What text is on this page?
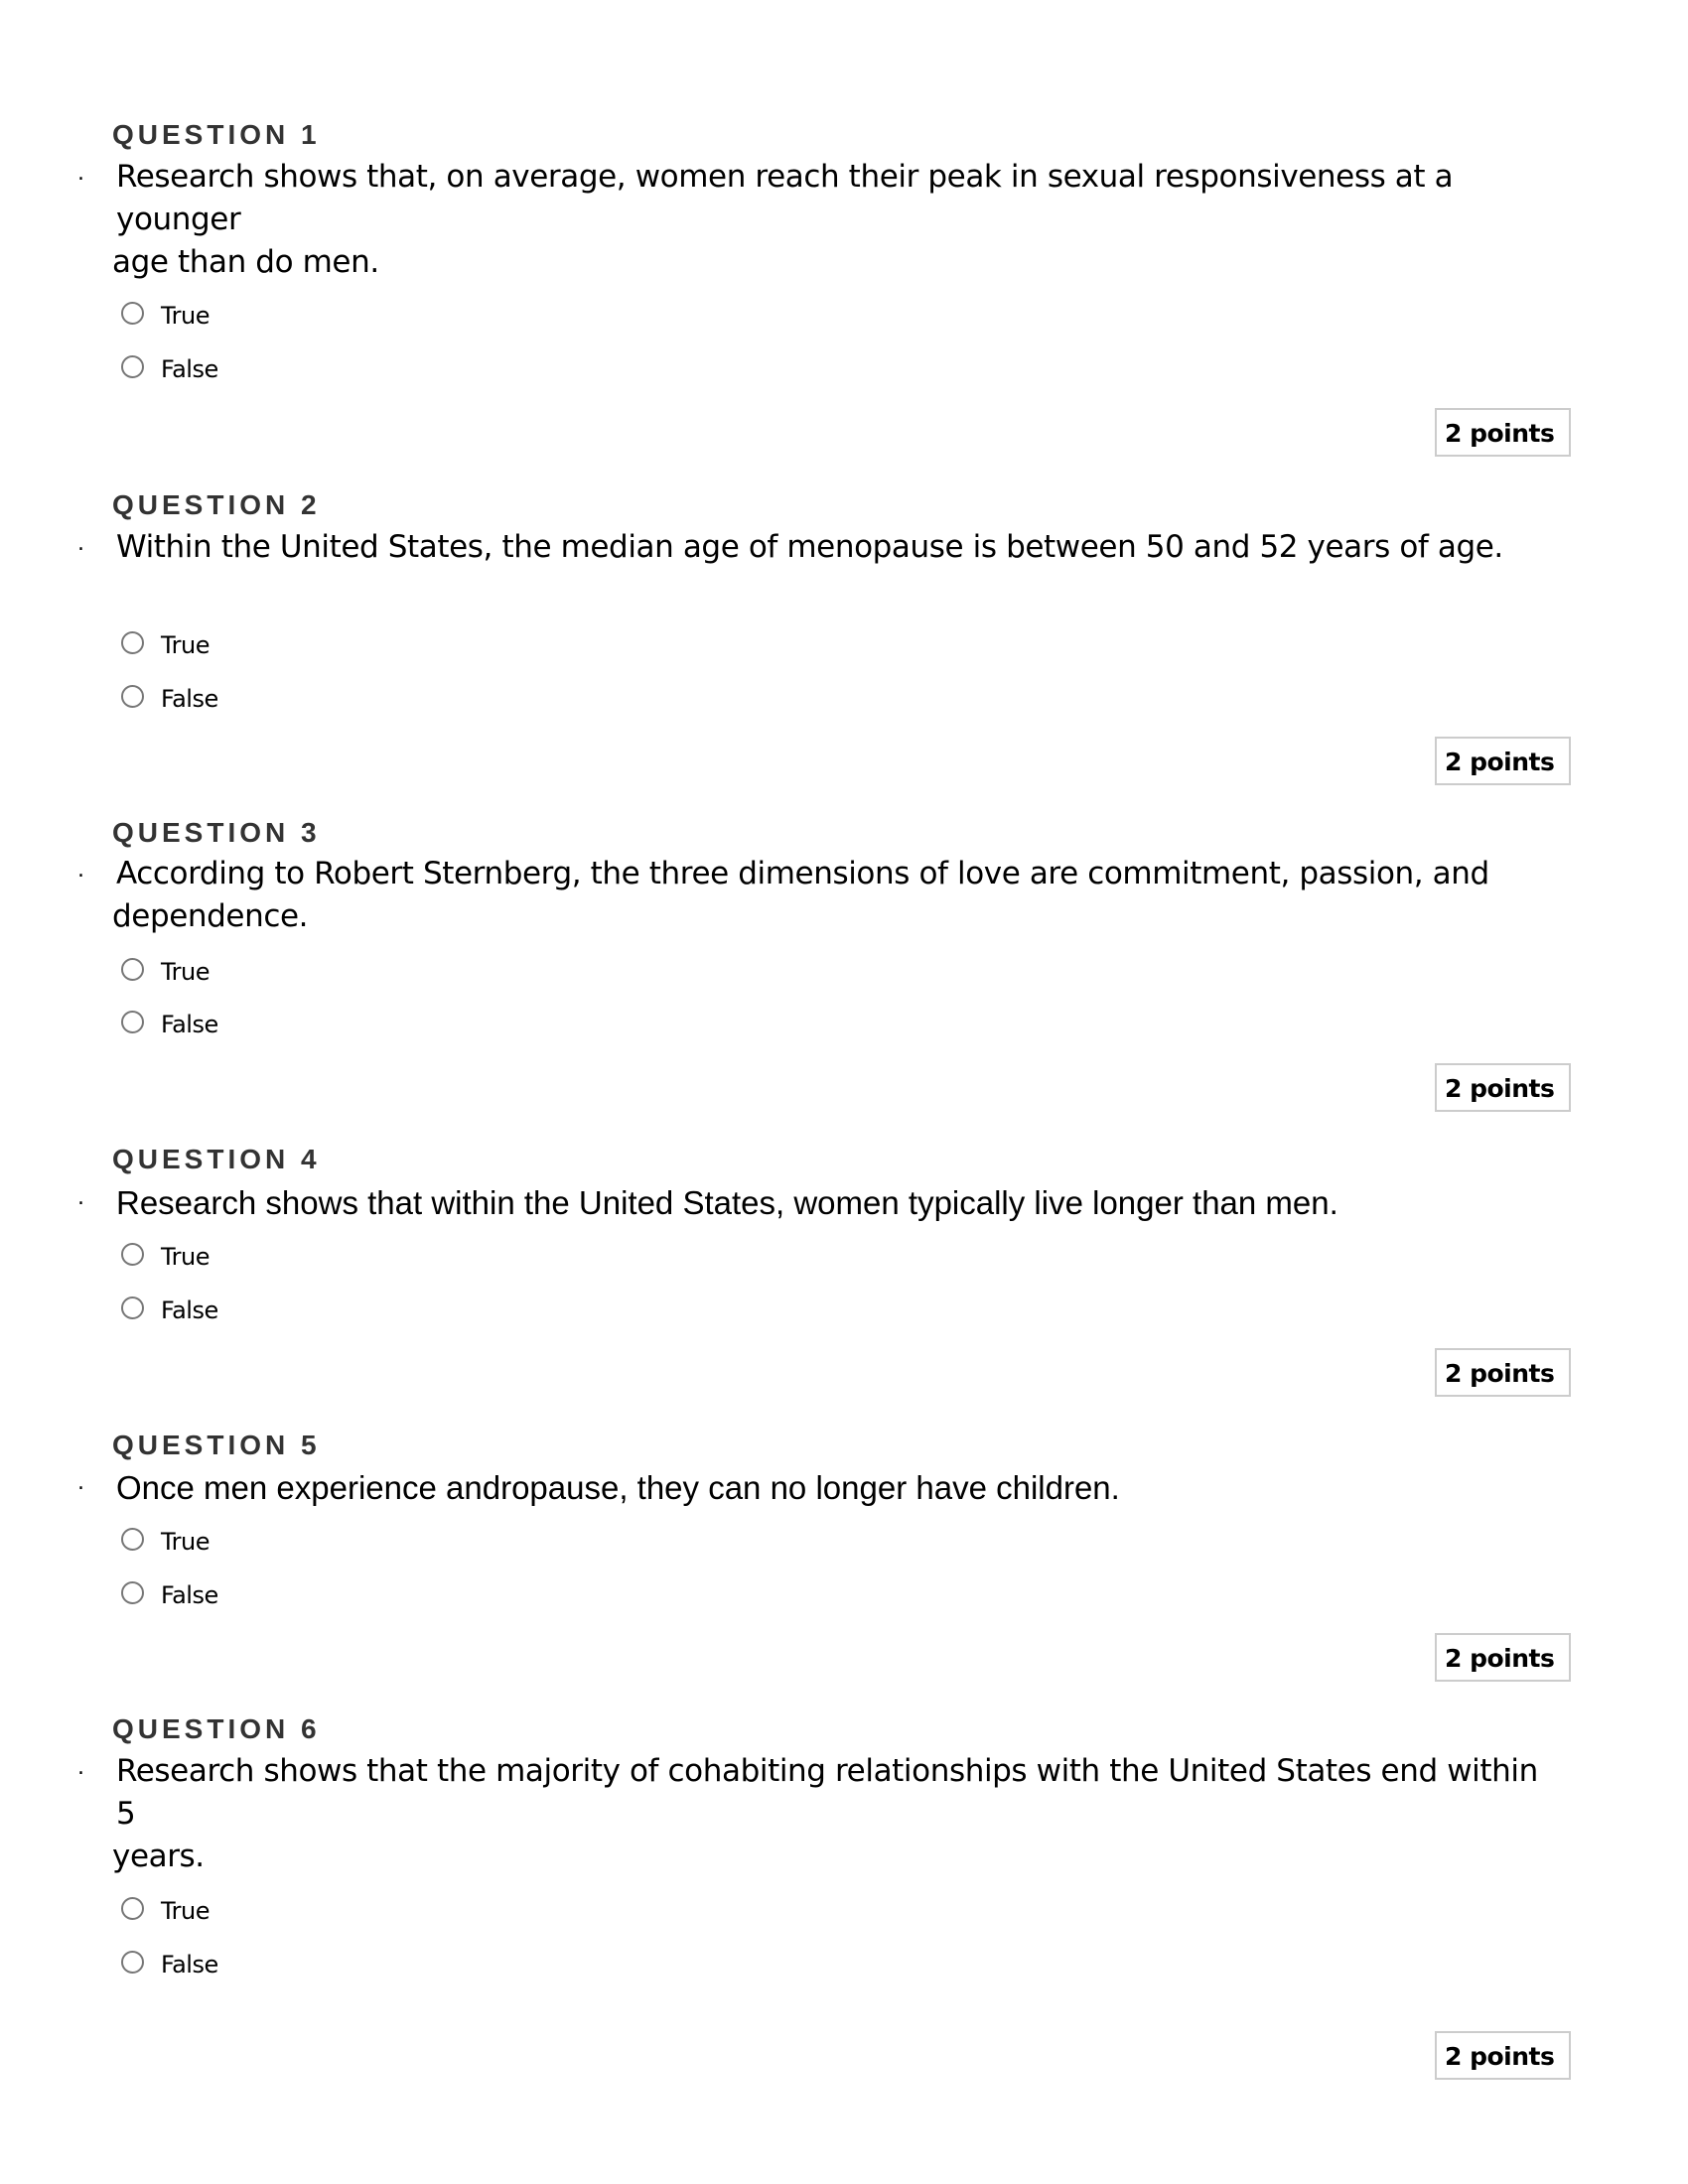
QUESTION 1
. Research shows that, on average, women reach their peak in sexual responsiveness at a younger
age than do men.
True
False
2 points
QUESTION 2
. Within the United States, the median age of menopause is between 50 and 52 years of age.
True
False
2 points
QUESTION 3
. According to Robert Sternberg, the three dimensions of love are commitment, passion, and
dependence.
True
False
2 points
QUESTION 4
. Research shows that within the United States, women typically live longer than men.
True
False
2 points
QUESTION 5
. Once men experience andropause, they can no longer have children.
True
False
2 points
QUESTION 6
. Research shows that the majority of cohabiting relationships with the United States end within 5
years.
True
False
2 points
